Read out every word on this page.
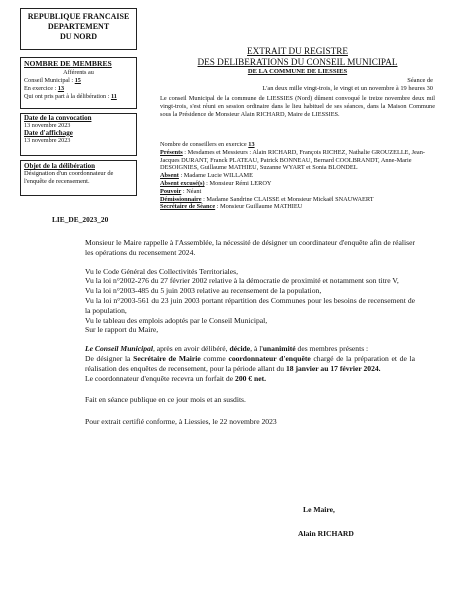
REPUBLIQUE FRANCAISE
DEPARTEMENT
DU NORD
NOMBRE DE MEMBRES
Afférents au
Conseil Municipal : 15
En exercice : 13
Qui ont pris part à la délibération : 11
Date de la convocation
13 novembre 2023
Date d'affichage
13 novembre 2023
Objet de la délibération
Désignation d'un coordonnateur de l'enquête de recensement.
LIE_DE_2023_20
EXTRAIT DU REGISTRE
DES DELIBERATIONS DU CONSEIL MUNICIPAL
DE LA COMMUNE DE LIESSIES
Séance de
L'an deux mille vingt-trois, le vingt et un novembre à 19 heures 30
Le conseil Municipal de la commune de LIESSIES (Nord) dûment convoqué le treize novembre deux mil vingt-trois, s'est réuni en session ordinaire dans le lieu habituel de ses séances, dans la Maison Commune sous la Présidence de Monsieur Alain RICHARD, Maire de LIESSIES.
Nombre de conseillers en exercice 13
Présents : Mesdames et Messieurs : Alain RICHARD, François RICHEZ, Nathalie GROUZELLE, Jean-Jacques DURANT, Franck PLATEAU, Patrick BONNEAU, Bernard COOLBRANDT, Anne-Marie DESOIGNIES, Guillaume MATHIEU, Suzanne WYART et Sonia BLONDEL
Absent : Madame Lucie WILLAME
Absent excusé(s) : Monsieur Rémi LEROY
Pouvoir : Néant
Démissionnaire : Madame Sandrine CLAISSE et Monsieur Mickaël SNAUWAERT
Secrétaire de Séance : Monsieur Guillaume MATHIEU

Monsieur le Maire rappelle à l'Assemblée, la nécessité de désigner un coordinateur d'enquête afin de réaliser les opérations du recensement 2024.

Vu le Code Général des Collectivités Territoriales,

Vu la loi n°2002-276 du 27 février 2002 relative à la démocratie de proximité et notamment son titre V,

Vu la loi n°2003-485 du 5 juin 2003 relative au recensement de la population,

Vu la loi n°2003-561 du 23 juin 2003 portant répartition des Communes pour les besoins de recensement de la population,

Vu le tableau des emplois adoptés par le Conseil Municipal,

Sur le rapport du Maire,

Le Conseil Municipal, après en avoir délibéré, décide, à l'unanimité des membres présents :

De désigner la Secrétaire de Mairie comme coordonnateur d'enquête chargé de la préparation et de la réalisation des enquêtes de recensement, pour la période allant du 18 janvier au 17 février 2024.

Le coordonnateur d'enquête recevra un forfait de 200 € net.

Fait en séance publique en ce jour mois et an susdits.

Pour extrait certifié conforme, à Liessies, le 22 novembre 2023

Le Maire,
Alain RICHARD
